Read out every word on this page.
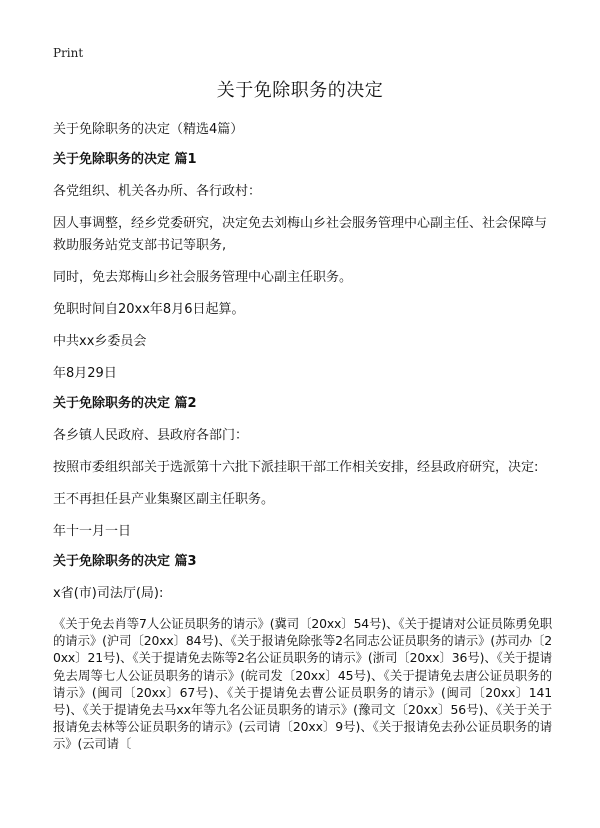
Print
关于免除职务的决定

关于免除职务的决定（精选4篇）

关于免除职务的决定 篇1

各党组织、机关各办所、各行政村：

因人事调整，经乡党委研究，决定免去刘梅山乡社会服务管理中心副主任、社会保障与救助服务站党支部书记等职务,

同时，免去郑梅山乡社会服务管理中心副主任职务。

免职时间自20xx年8月6日起算。

中共xx乡委员会

年8月29日

关于免除职务的决定 篇2

各乡镇人民政府、县政府各部门：

按照市委组织部关于选派第十六批下派挂职干部工作相关安排，经县政府研究，决定:

王不再担任县产业集聚区副主任职务。

年十一月一日

关于免除职务的决定 篇3

x省(市)司法厅(局):

《关于免去肖等7人公证员职务的请示》(冀司〔20xx〕54号)、《关于提请对公证员陈勇免职的请示》(沪司〔20xx〕84号)、《关于报请免除张等2名同志公证员职务的请示》(苏司办〔20xx〕21号)、《关于提请免去陈等2名公证员职务的请示》(浙司〔20xx〕36号)、《关于提请免去周等七人公证员职务的请示》(皖司发〔20xx〕45号)、《关于提请免去唐公证员职务的请示》(闽司〔20xx〕67号)、《关于提请免去曹公证员职务的请示》(闽司〔20xx〕141号)、《关于提请免去马xx年等九名公证员职务的请示》(豫司文〔20xx〕56号)、《关于关于报请免去林等公证员职务的请示》(云司请〔20xx〕9号)、《关于报请免去孙公证员职务的请示》(云司请〔
